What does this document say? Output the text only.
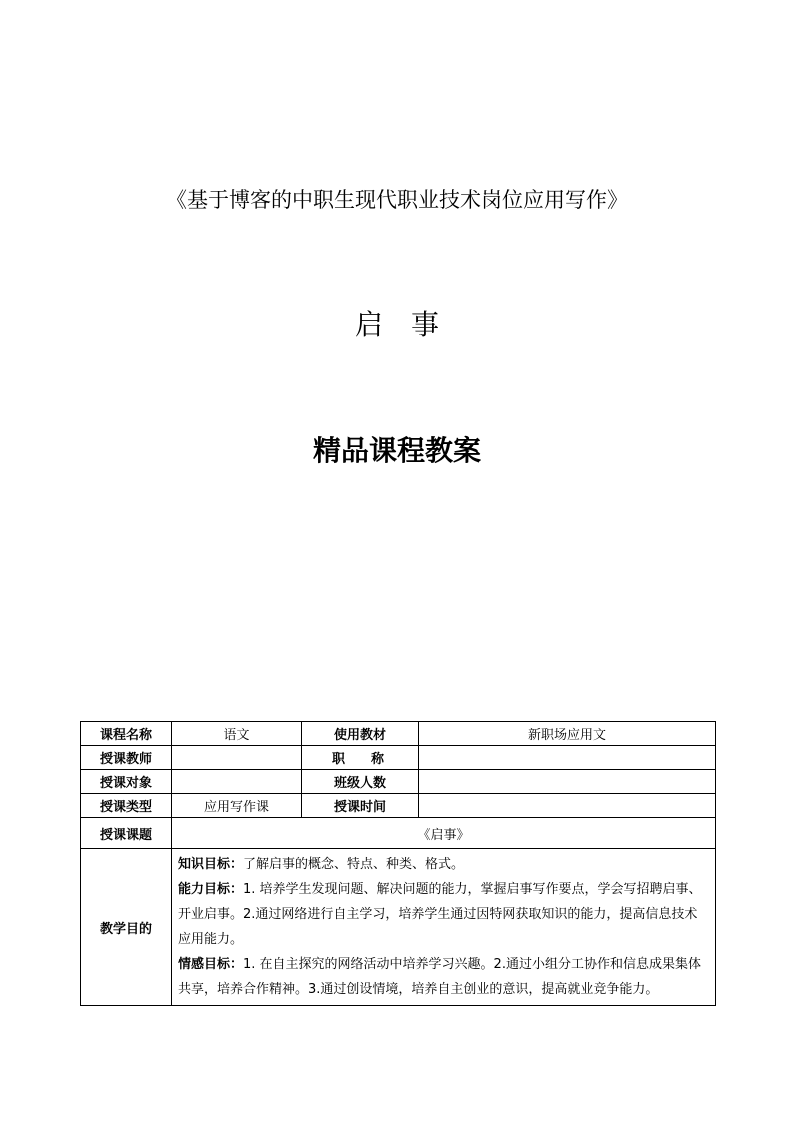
《基于博客的中职生现代职业技术岗位应用写作》
启事
精品课程教案
课程名称	语文	使用教材	新职场应用文
授课教师		职称	
授课对象		班级人数	
授课类型	应用写作课	授课时间	
授课课题	《启事》		
教学目的	知识目标：了解启事的概念、特点、种类、格式。
能力目标：1. 培养学生发现问题、解决问题的能力，掌握启事写作要点，学会写招聘启事、开业启事。2.通过网络进行自主学习，培养学生通过因特网获取知识的能力，提高信息技术应用能力。
情感目标：1. 在自主探究的网络活动中培养学习兴趣。2.通过小组分工协作和信息成果集体共享，培养合作精神。3.通过创设情境，培养自主创业的意识，提高就业竞争能力。		
